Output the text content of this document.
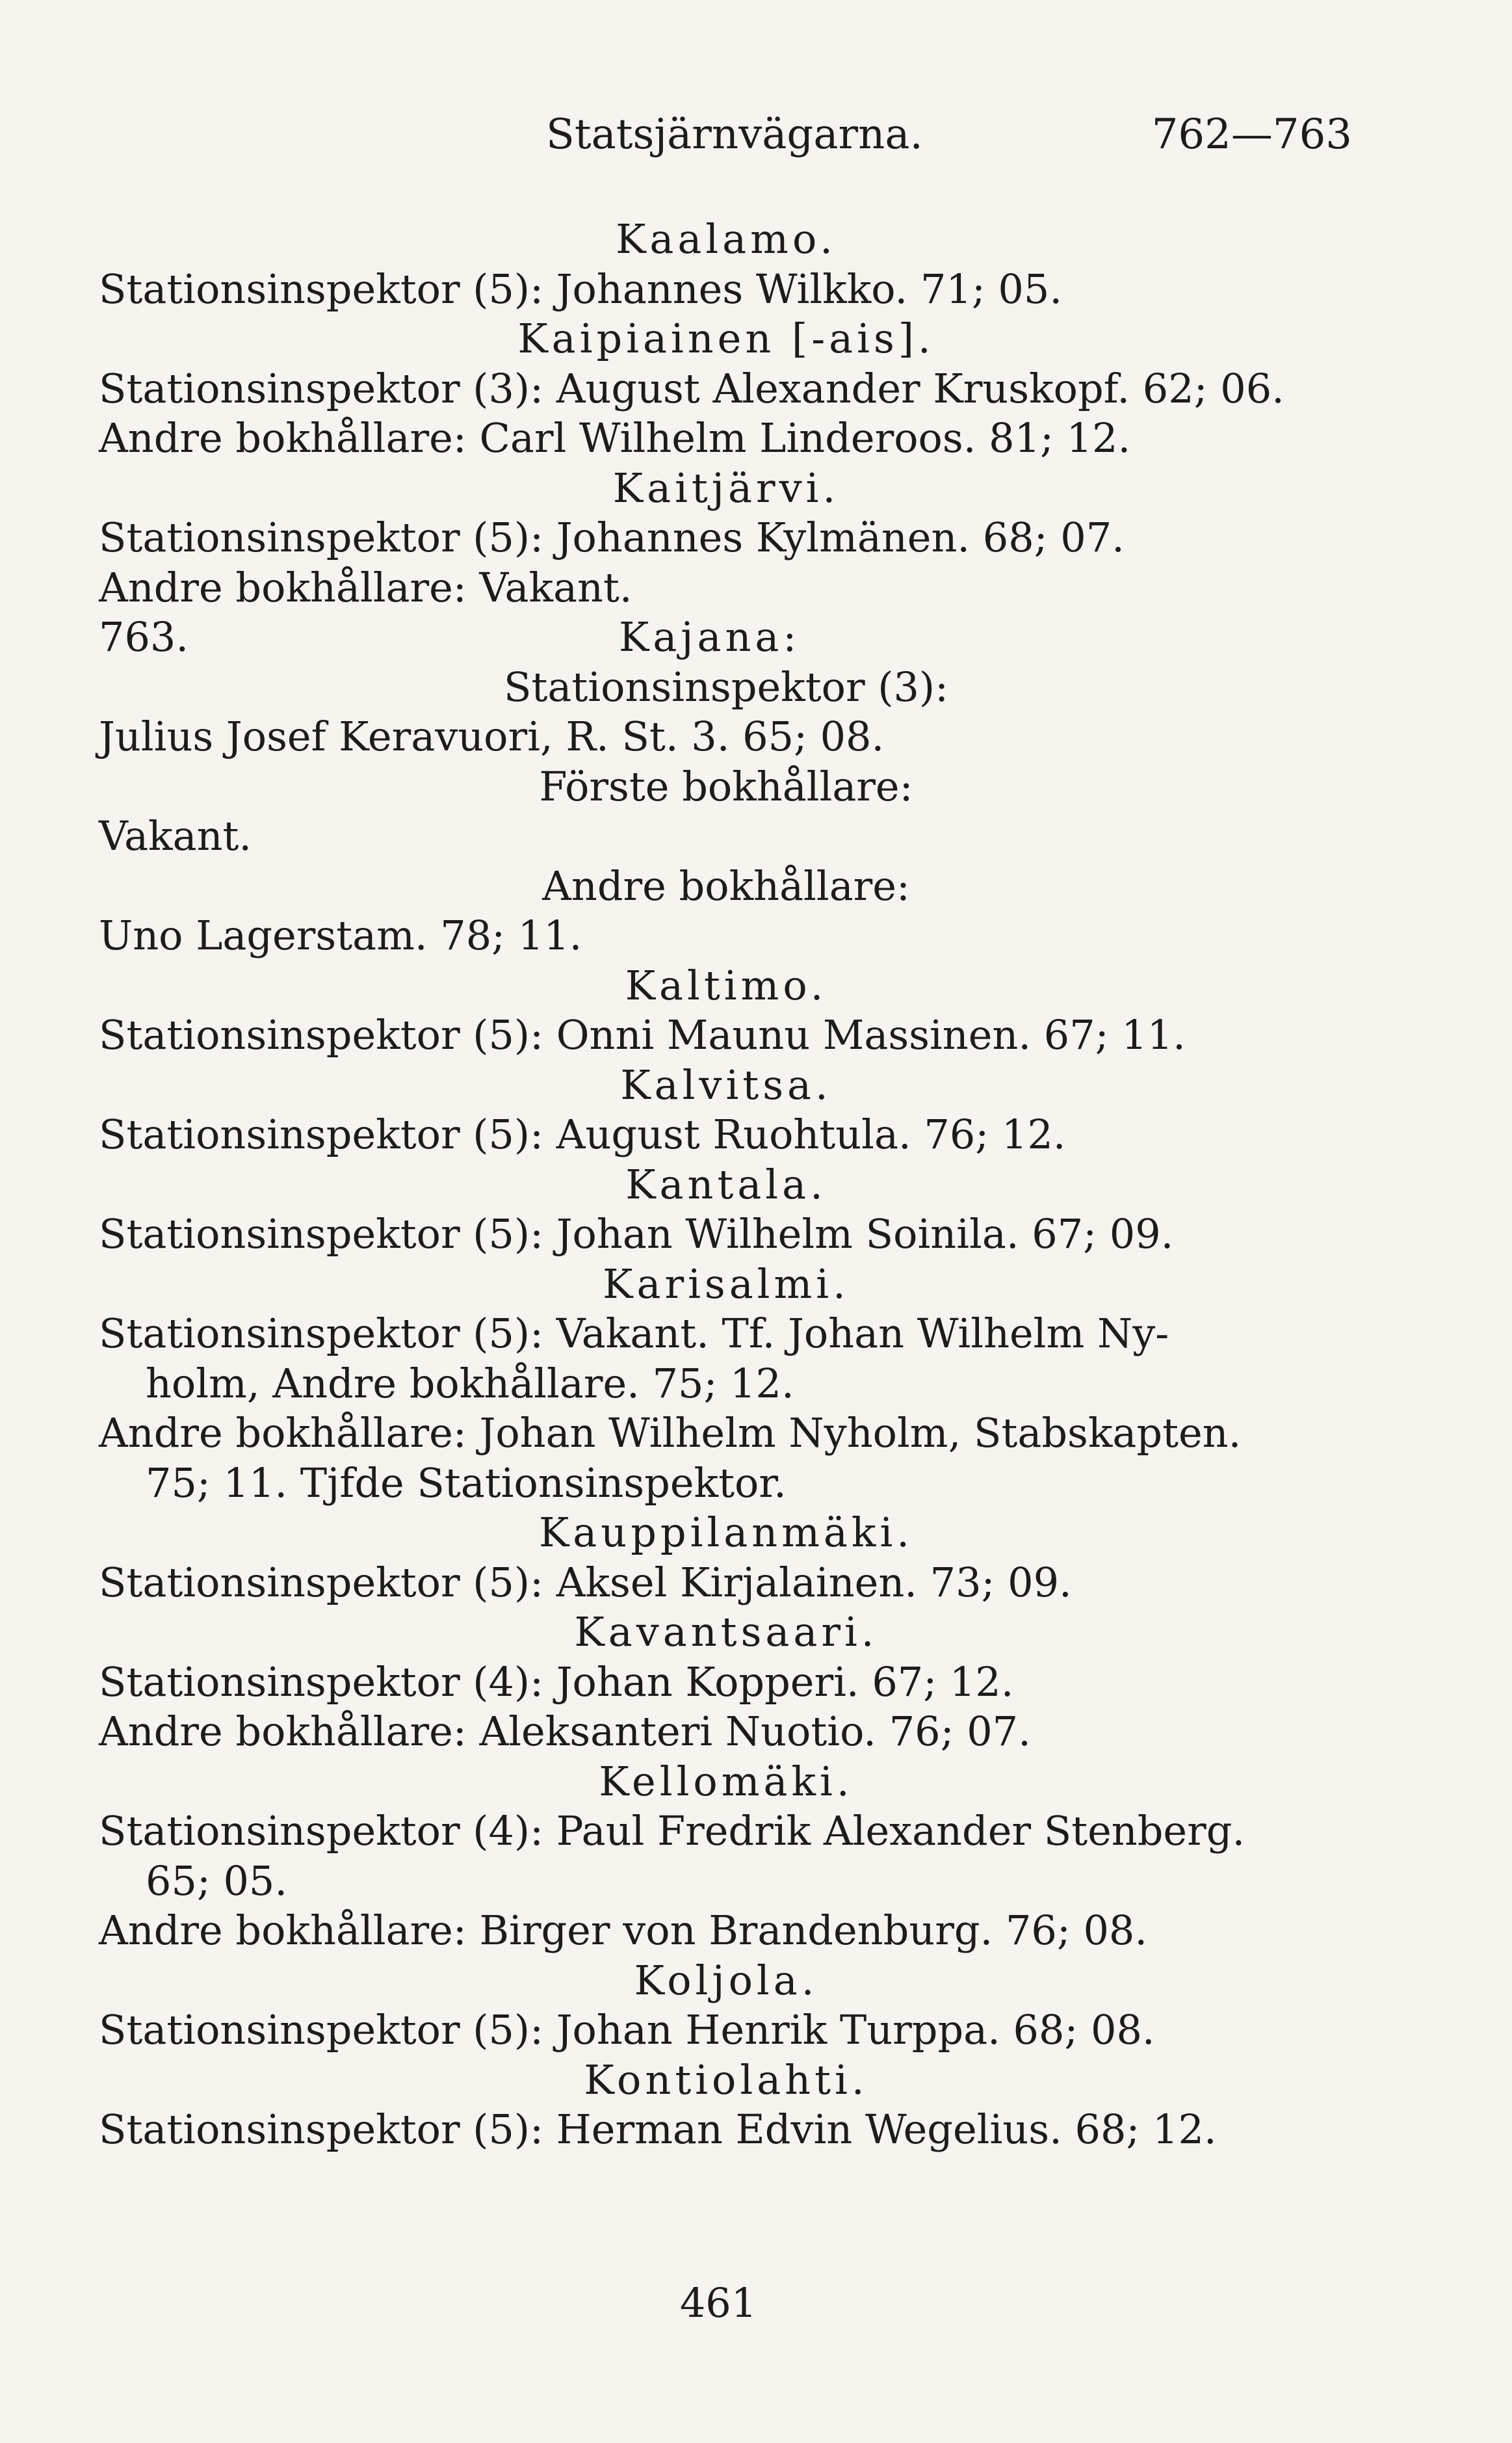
Statsjärnvägarna.	762—763
Kaalamo.
Stationsinspektor (5): Johannes Wilkko. 71; 05.
Kaipiainen [-ais].
Stationsinspektor (3): August Alexander Kruskopf. 62; 06.
Andre bokhållare: Carl Wilhelm Linderoos. 81; 12.
Kaitjärvi.
Stationsinspektor (5): Johannes Kylmänen. 68; 07.
Andre bokhållare: Vakant.
763.	Kajana:
Stationsinspektor (3):
Julius Josef Keravuori, R. St. 3. 65; 08.
Förste bokhållare:
Vakant.
Andre bokhållare:
Uno Lagerstam. 78; 11.
Kaltimo.
Stationsinspektor (5): Onni Maunu Massinen. 67; 11.
Kalvitsa.
Stationsinspektor (5): August Ruohtula. 76; 12.
Kantala.
Stationsinspektor (5): Johan Wilhelm Soinila. 67; 09.
Karisalmi.
Stationsinspektor (5): Vakant. Tf. Johan Wilhelm Ny-
holm, Andre bokhållare. 75; 12.
Andre bokhållare: Johan Wilhelm Nyholm, Stabskapten.
75; 11. Tjfde Stationsinspektor.
Kauppilanmäki.
Stationsinspektor (5): Aksel Kirjalainen. 73; 09.
Kavantsaari.
Stationsinspektor (4): Johan Kopperi. 67; 12.
Andre bokhållare: Aleksanteri Nuotio. 76; 07.
Kellomäki.
Stationsinspektor (4): Paul Fredrik Alexander Stenberg.
65; 05.
Andre bokhållare: Birger von Brandenburg. 76; 08.
Koljola.
Stationsinspektor (5): Johan Henrik Turppa. 68; 08.
Kontiolahti.
Stationsinspektor (5): Herman Edvin Wegelius. 68; 12.
461
